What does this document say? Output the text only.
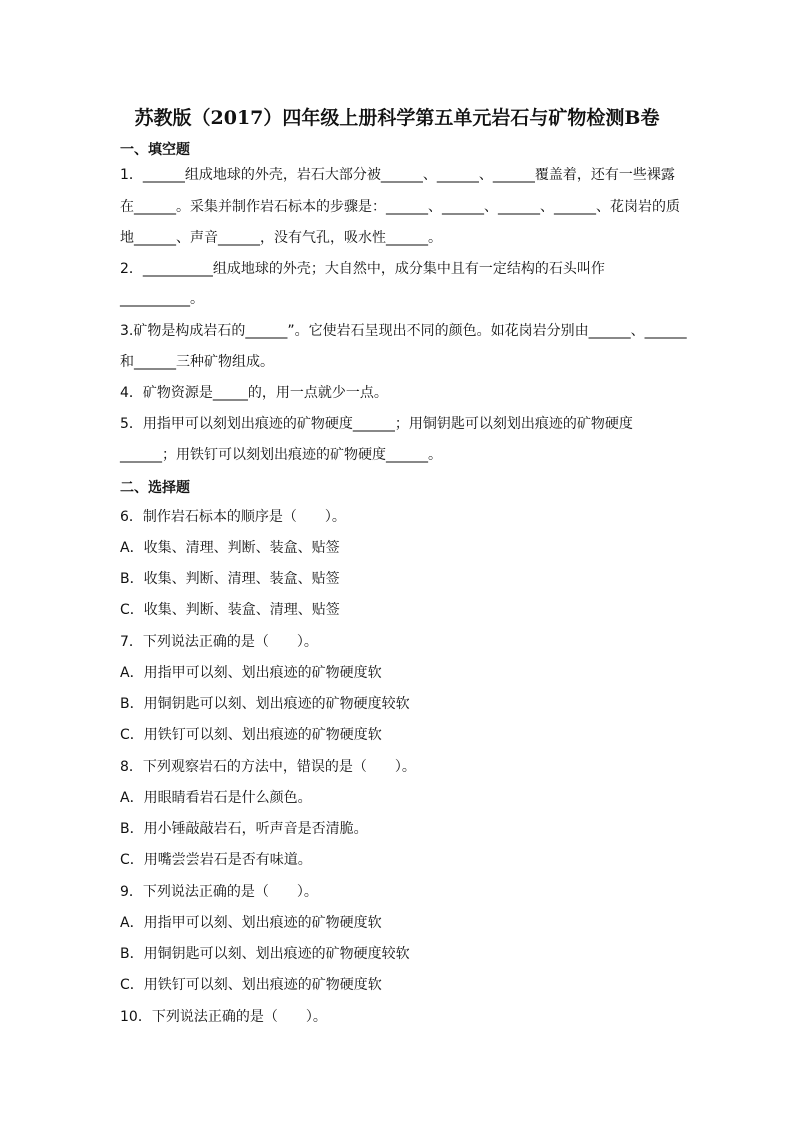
苏教版（2017）四年级上册科学第五单元岩石与矿物检测B卷
一、填空题
1．______组成地球的外壳，岩石大部分被______、______、______覆盖着，还有一些裸露
在______。采集并制作岩石标本的步骤是：______、______、______、______、花岗岩的质
地______、声音______，没有气孔，吸水性______。
2．__________组成地球的外壳；大自然中，成分集中且有一定结构的石头叫作
__________。
3.矿物是构成岩石的______”。它使岩石呈现出不同的颜色。如花岗岩分别由______、______
和______三种矿物组成。
4．矿物资源是_____的，用一点就少一点。
5．用指甲可以刻划出痕迹的矿物硬度______；用铜钥匙可以刻划出痕迹的矿物硬度
______；用铁钉可以刻划出痕迹的矿物硬度______。
二、选择题
6．制作岩石标本的顺序是（　　）。
A．收集、清理、判断、装盒、贴签
B．收集、判断、清理、装盒、贴签
C．收集、判断、装盒、清理、贴签
7．下列说法正确的是（　　）。
A．用指甲可以刻、划出痕迹的矿物硬度软
B．用铜钥匙可以刻、划出痕迹的矿物硬度较软
C．用铁钉可以刻、划出痕迹的矿物硬度软
8．下列观察岩石的方法中，错误的是（　　）。
A．用眼睛看岩石是什么颜色。
B．用小锤敲敲岩石，听声音是否清脆。
C．用嘴尝尝岩石是否有味道。
9．下列说法正确的是（　　）。
A．用指甲可以刻、划出痕迹的矿物硬度软
B．用铜钥匙可以刻、划出痕迹的矿物硬度较软
C．用铁钉可以刻、划出痕迹的矿物硬度软
10．下列说法正确的是（　　）。
